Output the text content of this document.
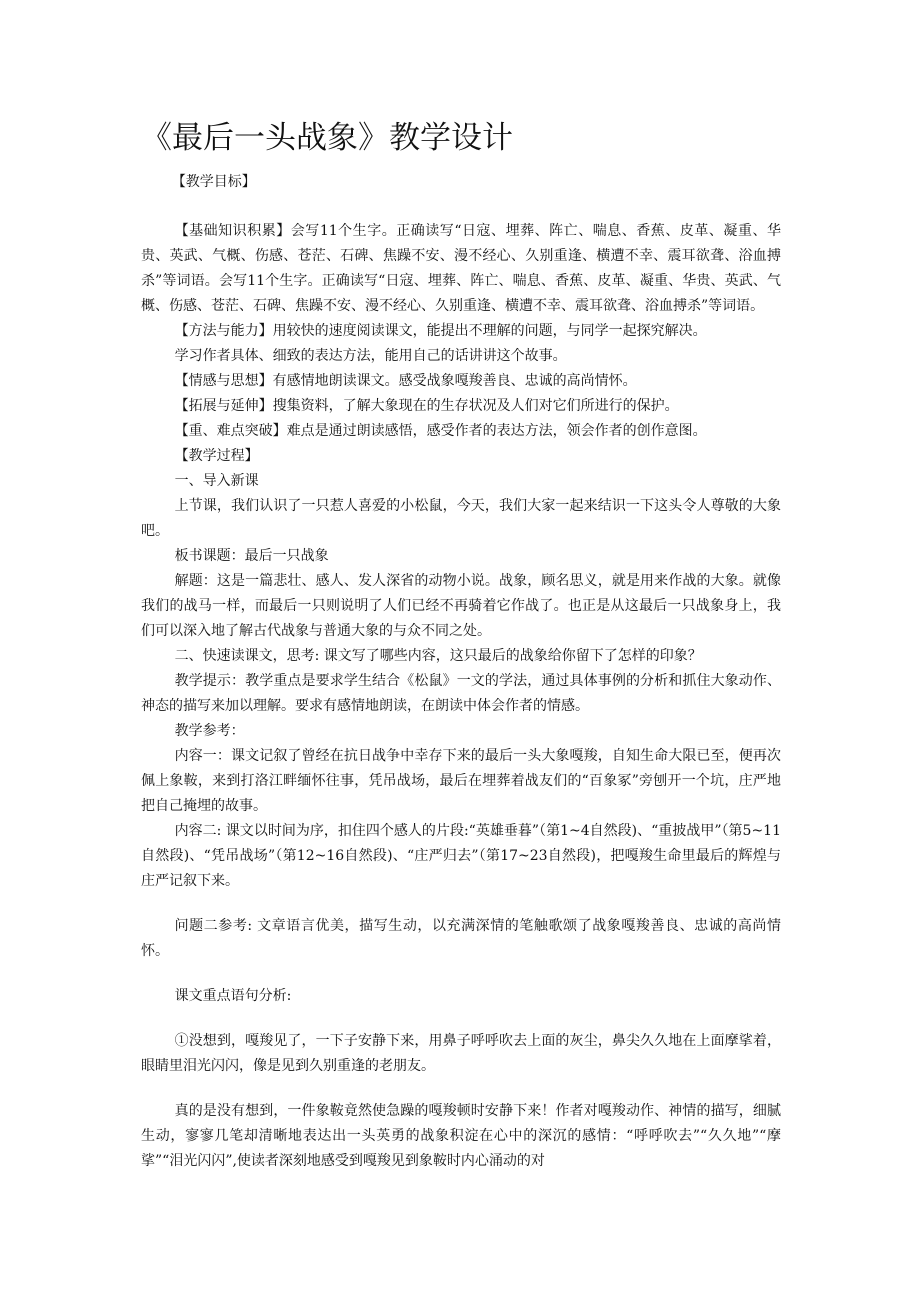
《最后一头战象》教学设计

【教学目标】

【基础知识积累】会写11个生字。正确读写“日寇、埋葬、阵亡、喘息、香蕉、皮革、凝重、华贵、英武、气概、伤感、苍茫、石碑、焦躁不安、漫不经心、久别重逢、横遭不幸、震耳欲聋、浴血搏杀”等词语。会写11个生字。正确读写“日寇、埋葬、阵亡、喘息、香蕉、皮革、凝重、华贵、英武、气概、伤感、苍茫、石碑、焦躁不安、漫不经心、久别重逢、横遭不幸、震耳欲聋、浴血搏杀”等词语。

【方法与能力】用较快的速度阅读课文，能提出不理解的问题，与同学一起探究解决。

学习作者具体、细致的表达方法，能用自己的话讲讲这个故事。

【情感与思想】有感情地朗读课文。感受战象嘎羧善良、忠诚的高尚情怀。

【拓展与延伸】搜集资料，了解大象现在的生存状况及人们对它们所进行的保护。

【重、难点突破】难点是通过朗读感悟，感受作者的表达方法，领会作者的创作意图。

【教学过程】

一、导入新课

上节课，我们认识了一只惹人喜爱的小松鼠，今天，我们大家一起来结识一下这头令人尊敬的大象吧。

板书课题：最后一只战象

解题：这是一篇悲壮、感人、发人深省的动物小说。战象，顾名思义，就是用来作战的大象。就像我们的战马一样，而最后一只则说明了人们已经不再骑着它作战了。也正是从这最后一只战象身上，我们可以深入地了解古代战象与普通大象的与众不同之处。

二、快速读课文，思考: 课文写了哪些内容，这只最后的战象给你留下了怎样的印象？

教学提示：教学重点是要求学生结合《松鼠》一文的学法，通过具体事例的分析和抓住大象动作、神态的描写来加以理解。要求有感情地朗读，在朗读中体会作者的情感。

教学参考：

内容一：课文记叙了曾经在抗日战争中幸存下来的最后一头大象嘎羧，自知生命大限已至，便再次佩上象鞍，来到打洛江畔缅怀往事，凭吊战场，最后在埋葬着战友们的“百象冢”旁刨开一个坑，庄严地把自己掩埋的故事。

内容二: 课文以时间为序，扣住四个感人的片段:“英雄垂暮”（第1~4自然段)、“重披战甲”（第5~11自然段)、“凭吊战场”（第12~16自然段)、“庄严归去”（第17~23自然段)，把嘎羧生命里最后的辉煌与庄严记叙下来。

问题二参考: 文章语言优美，描写生动，以充满深情的笔触歌颂了战象嘎羧善良、忠诚的高尚情怀。

课文重点语句分析:

①没想到，嘎羧见了，一下子安静下来，用鼻子呼呼吹去上面的灰尘，鼻尖久久地在上面摩挲着，眼睛里泪光闪闪，像是见到久别重逢的老朋友。

真的是没有想到，一件象鞍竟然使急躁的嘎羧顿时安静下来！作者对嘎羧动作、神情的描写，细腻生动，寥寥几笔却清晰地表达出一头英勇的战象积淀在心中的深沉的感情：“呼呼吹去”“久久地”“摩挲”“泪光闪闪”,使读者深刻地感受到嘎羧见到象鞍时内心涌动的对
